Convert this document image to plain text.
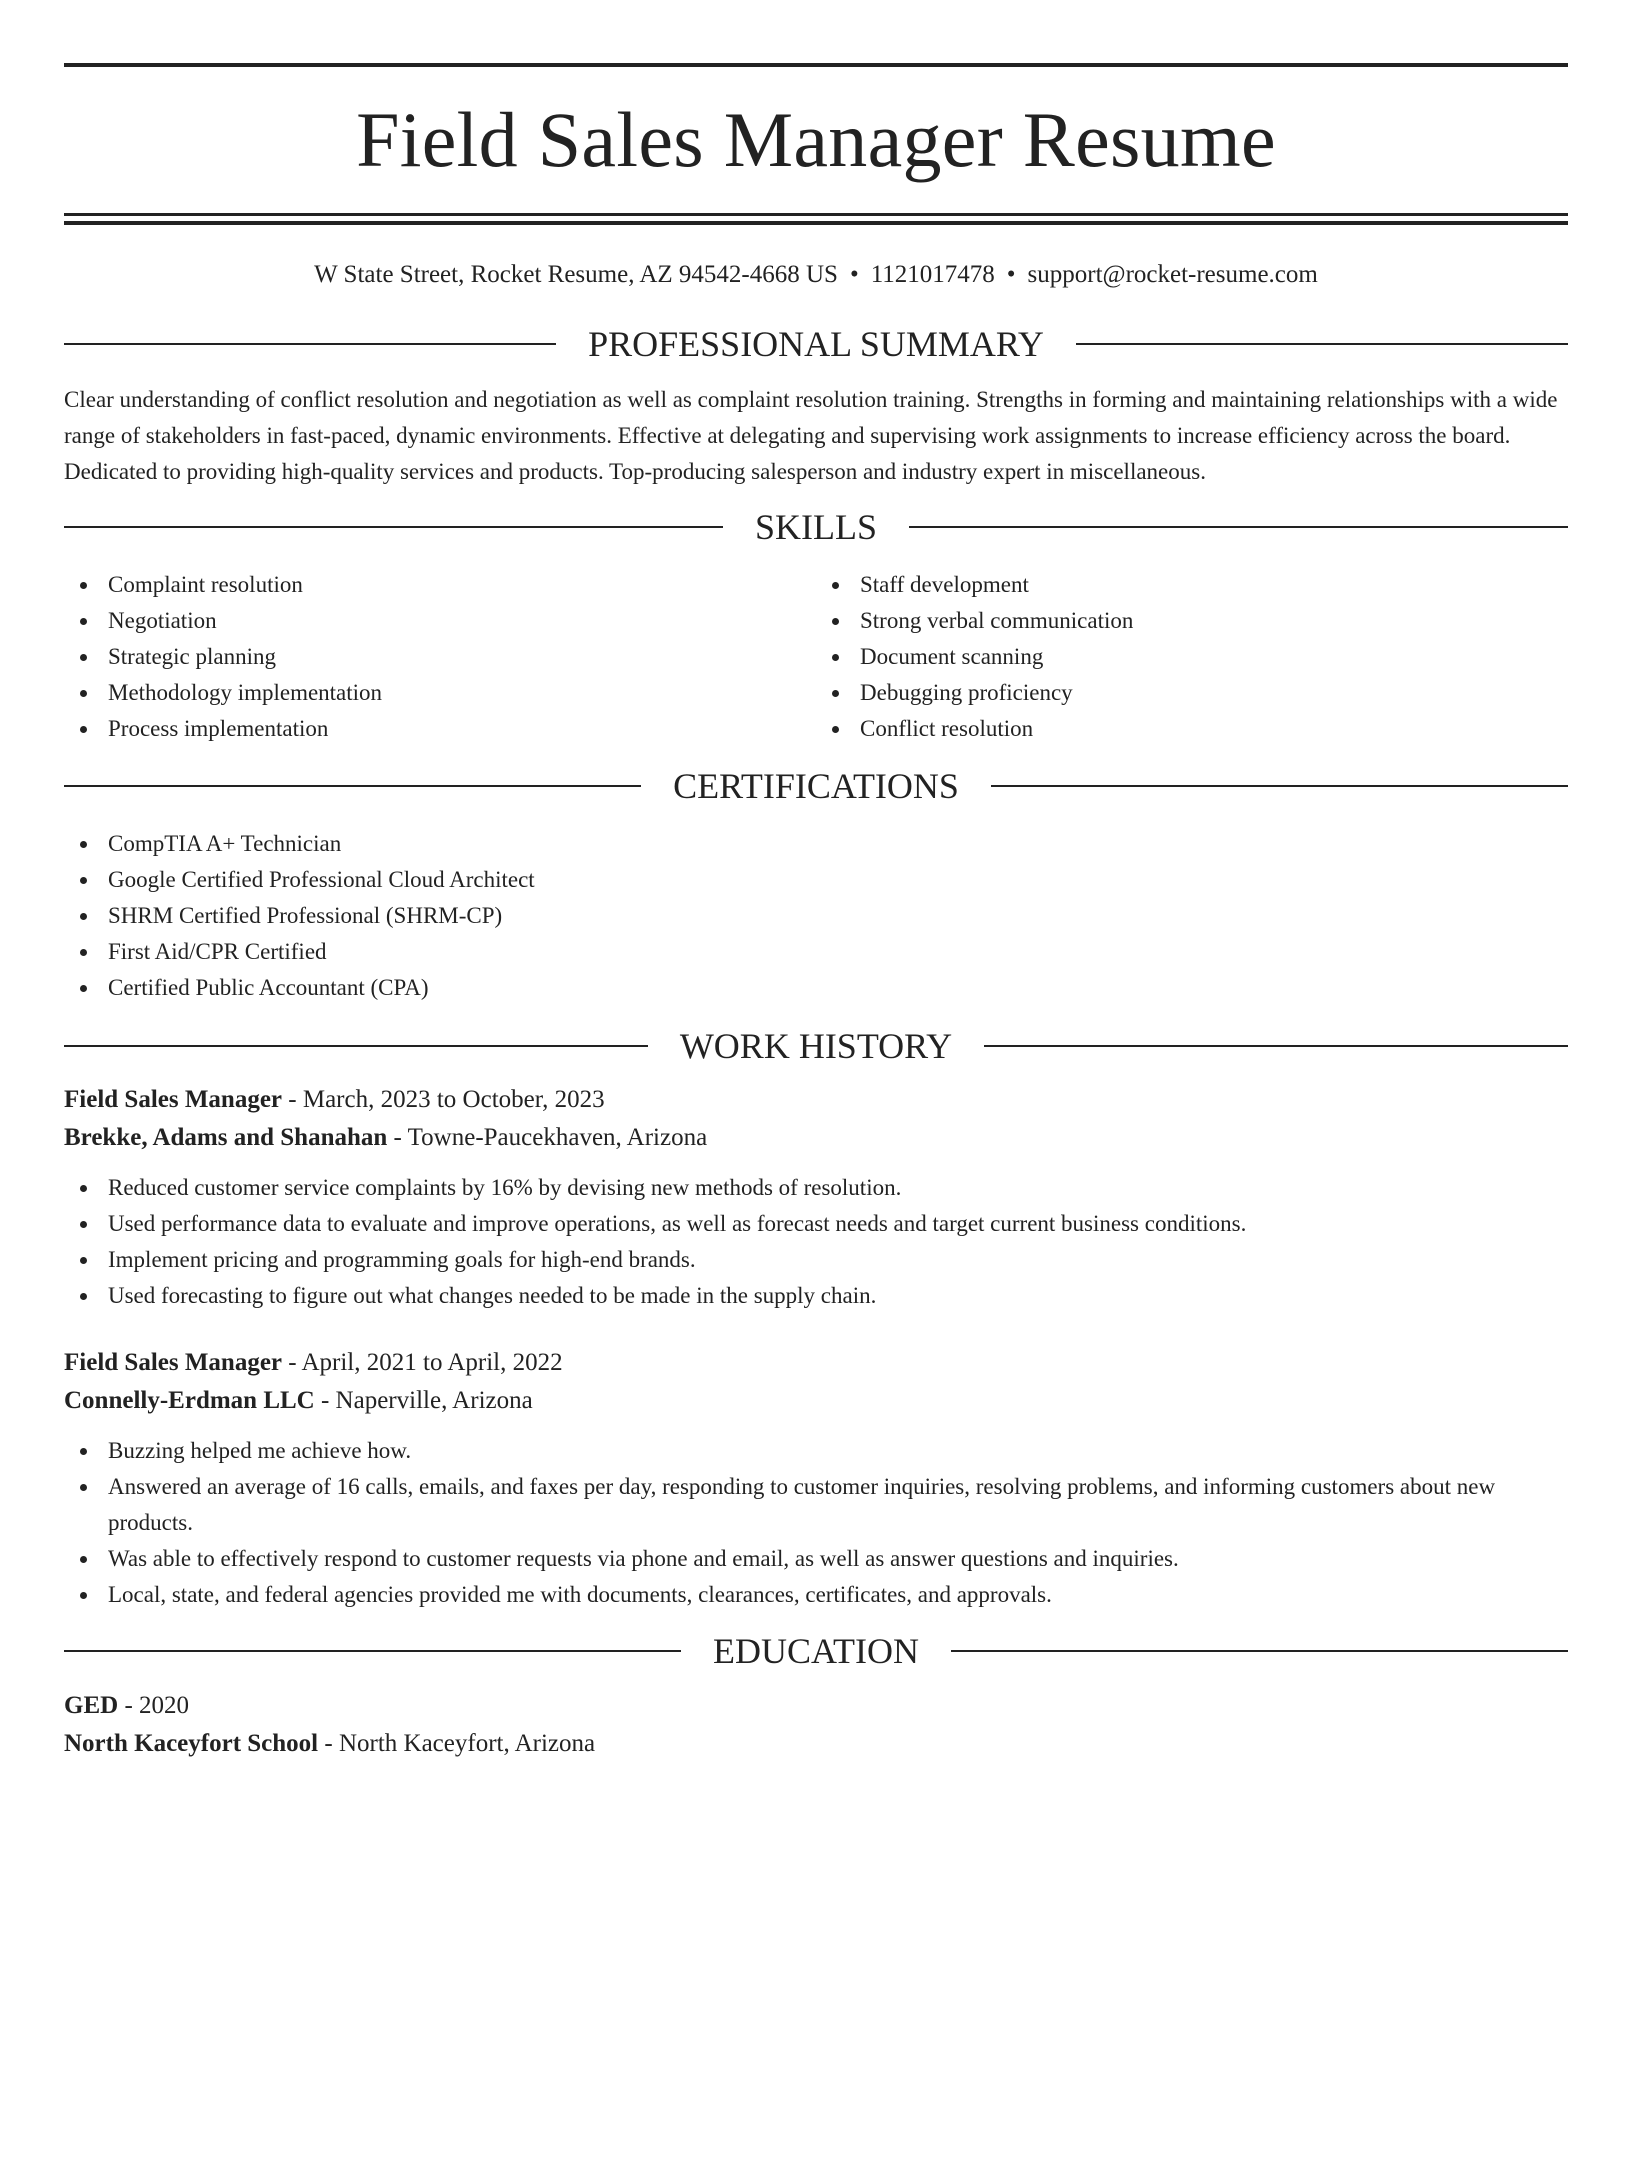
Field Sales Manager Resume
W State Street, Rocket Resume, AZ 94542-4668 US • 1121017478 • support@rocket-resume.com
PROFESSIONAL SUMMARY

Clear understanding of conflict resolution and negotiation as well as complaint resolution training. Strengths in forming and maintaining relationships with a wide range of stakeholders in fast-paced, dynamic environments. Effective at delegating and supervising work assignments to increase efficiency across the board. Dedicated to providing high-quality services and products. Top-producing salesperson and industry expert in miscellaneous.

SKILLS
Complaint resolution
Negotiation
Strategic planning
Methodology implementation
Process implementation
Staff development
Strong verbal communication
Document scanning
Debugging proficiency
Conflict resolution
CERTIFICATIONS
CompTIA A+ Technician
Google Certified Professional Cloud Architect
SHRM Certified Professional (SHRM-CP)
First Aid/CPR Certified
Certified Public Accountant (CPA)
WORK HISTORY
Field Sales Manager - March, 2023 to October, 2023
Brekke, Adams and Shanahan - Towne-Paucekhaven, Arizona
Reduced customer service complaints by 16% by devising new methods of resolution.
Used performance data to evaluate and improve operations, as well as forecast needs and target current business conditions.
Implement pricing and programming goals for high-end brands.
Used forecasting to figure out what changes needed to be made in the supply chain.
Field Sales Manager - April, 2021 to April, 2022
Connelly-Erdman LLC - Naperville, Arizona
Buzzing helped me achieve how.
Answered an average of 16 calls, emails, and faxes per day, responding to customer inquiries, resolving problems, and informing customers about new products.
Was able to effectively respond to customer requests via phone and email, as well as answer questions and inquiries.
Local, state, and federal agencies provided me with documents, clearances, certificates, and approvals.
EDUCATION
GED - 2020
North Kaceyfort School - North Kaceyfort, Arizona
